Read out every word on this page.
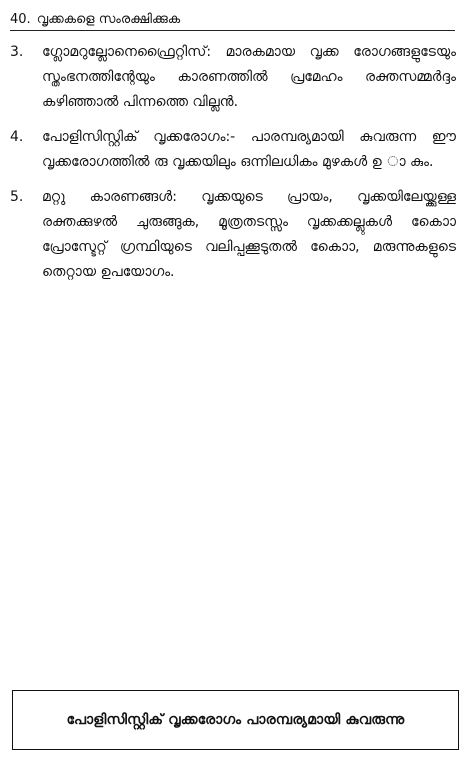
40. വൃക്കകളെ സംരക്ഷിക്കുക
3.	ഗ്ലോമറുല്ലോനെഫ്രൈറ്റിസ്: മാരകമായ വൃക്ക രോഗങ്ങളുടേയും സ്തംഭനത്തിന്റേയും കാരണത്തിൽ പ്രമേഹം രക്തസമ്മർദ്ദം കഴിഞ്ഞാൽ പിന്നത്തെ വില്ലൻ.
4.	പോളിസിസ്റ്റിക് വൃക്കരോഗം:- പാരമ്പര്യമായി കുവരുന്ന ഈ വൃക്കരോഗത്തിൽ രു വൃക്കയിലും ഒന്നിലധികം മുഴകൾ ഉ ാ കും.
5.	മറ്റു കാരണങ്ങൾ: വൃക്കയുടെ പ്രായം, വൃക്കയിലേയ്ക്കുള്ള രക്തക്കുഴൽ ചുരുങ്ങുക, മൂത്രതടസ്സം വൃക്കക്കല്ലുകൾ കൊോ പ്രോസ്ടേറ്റ് ഗ്രന്ഥിയുടെ വലിപ്പക്കൂടുതൽ കൊോ, മരുന്നുകളുടെ തെറ്റായ ഉപയോഗം.
പോളിസിസ്റ്റിക് വൃക്കരോഗം പാരമ്പര്യമായി കുവരുന്നു
